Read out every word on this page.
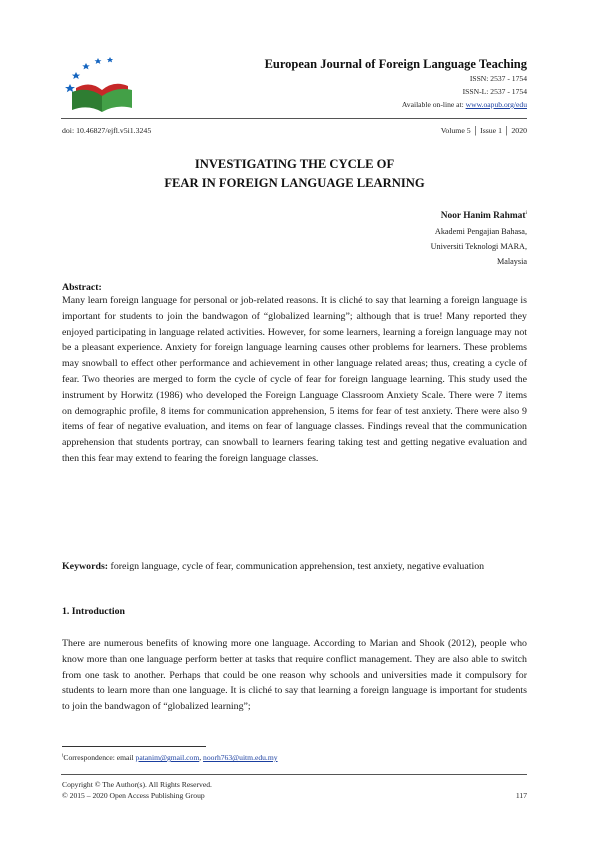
European Journal of Foreign Language Teaching
ISSN: 2537 - 1754
ISSN-L: 2537 - 1754
Available on-line at: www.oapub.org/edu
doi: 10.46827/ejfl.v5i1.3245	Volume 5 │ Issue 1 │ 2020
INVESTIGATING THE CYCLE OF
FEAR IN FOREIGN LANGUAGE LEARNING
Noor Hanim Rahmat$^i$
Akademi Pengajian Bahasa,
Universiti Teknologi MARA,
Malaysia
Abstract:
Many learn foreign language for personal or job-related reasons. It is cliché to say that learning a foreign language is important for students to join the bandwagon of “globalized learning”; although that is true! Many reported they enjoyed participating in language related activities. However, for some learners, learning a foreign language may not be a pleasant experience. Anxiety for foreign language learning causes other problems for learners. These problems may snowball to effect other performance and achievement in other language related areas; thus, creating a cycle of fear. Two theories are merged to form the cycle of cycle of fear for foreign language learning. This study used the instrument by Horwitz (1986) who developed the Foreign Language Classroom Anxiety Scale. There were 7 items on demographic profile, 8 items for communication apprehension, 5 items for fear of test anxiety. There were also 9 items of fear of negative evaluation, and items on fear of language classes. Findings reveal that the communication apprehension that students portray, can snowball to learners fearing taking test and getting negative evaluation and then this fear may extend to fearing the foreign language classes.
Keywords: foreign language, cycle of fear, communication apprehension, test anxiety, negative evaluation
1. Introduction
There are numerous benefits of knowing more one language. According to Marian and Shook (2012), people who know more than one language perform better at tasks that require conflict management. They are also able to switch from one task to another. Perhaps that could be one reason why schools and universities made it compulsory for students to learn more than one language. It is cliché to say that learning a foreign language is important for students to join the bandwagon of “globalized learning”;
$^i$Correspondence: email patanim@gmail.com, noorh763@uitm.edu.my
Copyright © The Author(s). All Rights Reserved.
© 2015 – 2020 Open Access Publishing Group	117
